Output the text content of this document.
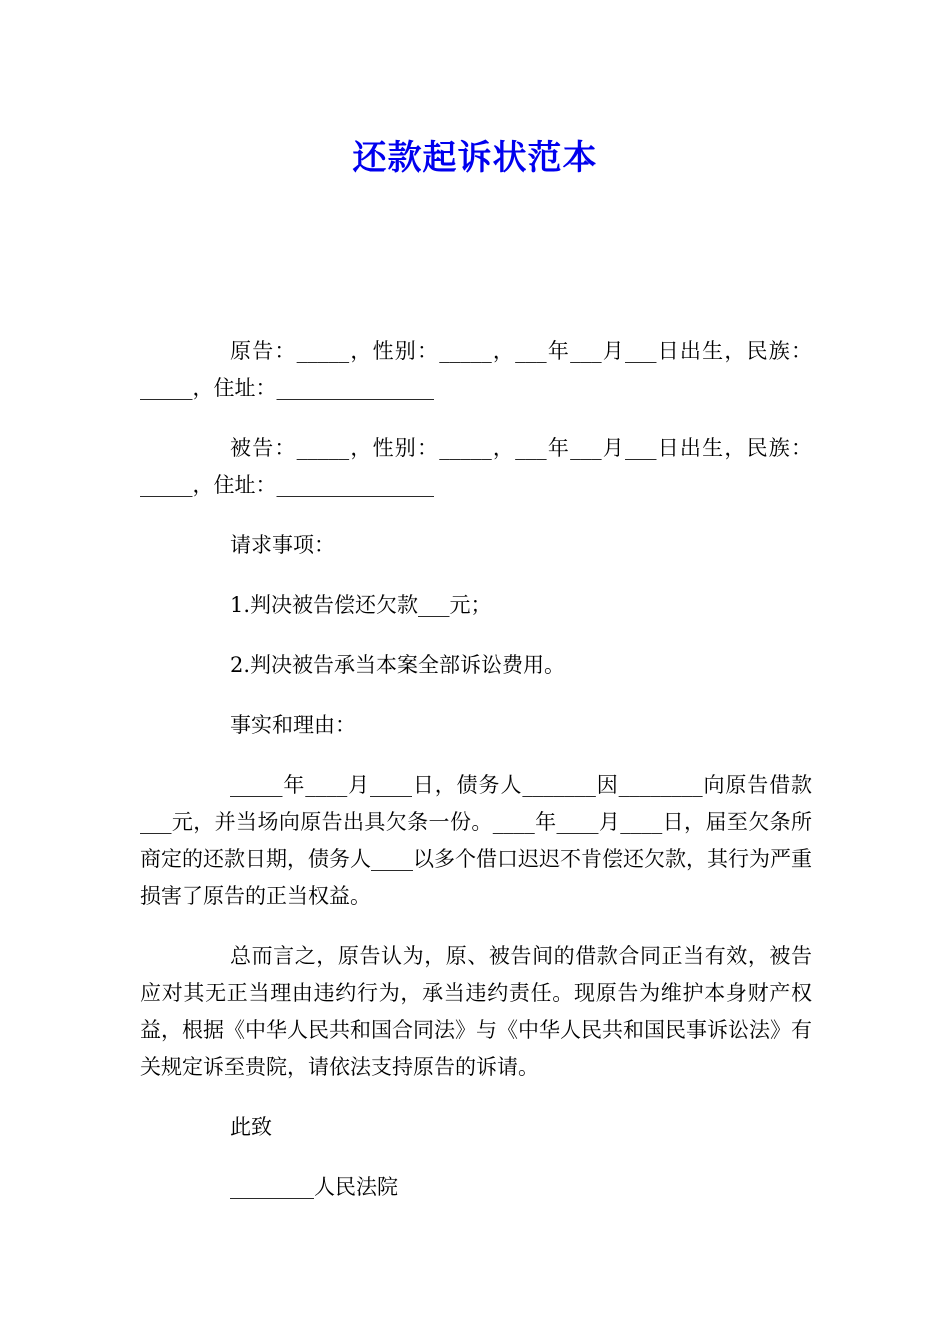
还款起诉状范本

原告：_____，性别：_____，___年___月___日出生，民族：_____，住址：_______________

被告：_____，性别：_____，___年___月___日出生，民族：_____，住址：_______________

请求事项：

1.判决被告偿还欠款___元；

2.判决被告承当本案全部诉讼费用。

事实和理由：

_____年____月____日，债务人_______因________向原告借款___元，并当场向原告出具欠条一份。____年____月____日，届至欠条所商定的还款日期，债务人____以多个借口迟迟不肯偿还欠款，其行为严重损害了原告的正当权益。

总而言之，原告认为，原、被告间的借款合同正当有效，被告应对其无正当理由违约行为，承当违约责任。现原告为维护本身财产权益，根据《中华人民共和国合同法》与《中华人民共和国民事诉讼法》有关规定诉至贵院，请依法支持原告的诉请。

此致

________人民法院
